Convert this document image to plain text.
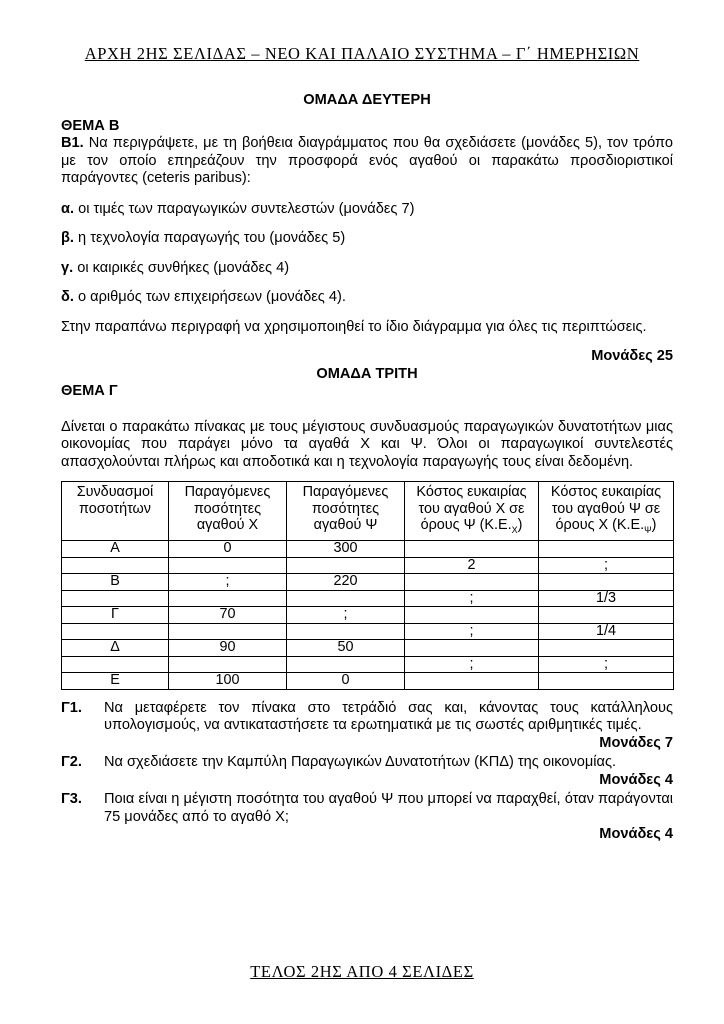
ΑΡΧΗ 2ΗΣ ΣΕΛΙΔΑΣ – ΝΕΟ ΚΑΙ ΠΑΛΑΙΟ ΣΥΣΤΗΜΑ – Γ΄ ΗΜΕΡΗΣΙΩΝ

ΟΜΑΔΑ ΔΕΥΤΕΡΗ

ΘΕΜΑ Β

Β1. Να περιγράψετε, με τη βοήθεια διαγράμματος που θα σχεδιάσετε (μονάδες 5), τον τρόπο με τον οποίο επηρεάζουν την προσφορά ενός αγαθού οι παρακάτω προσδιοριστικοί παράγοντες (ceteris paribus):

α. οι τιμές των παραγωγικών συντελεστών (μονάδες 7)

β. η τεχνολογία παραγωγής του (μονάδες 5)

γ. οι καιρικές συνθήκες (μονάδες 4)

δ. ο αριθμός των επιχειρήσεων (μονάδες 4).

Στην παραπάνω περιγραφή να χρησιμοποιηθεί το ίδιο διάγραμμα για όλες τις περιπτώσεις.

Μονάδες 25

ΟΜΑΔΑ ΤΡΙΤΗ

ΘΕΜΑ Γ

Δίνεται ο παρακάτω πίνακας με τους μέγιστους συνδυασμούς παραγωγικών δυνατοτήτων μιας οικονομίας που παράγει μόνο τα αγαθά Χ και Ψ. Όλοι οι παραγωγικοί συντελεστές απασχολούνται πλήρως και αποδοτικά και η τεχνολογία παραγωγής τους είναι δεδομένη.

Συνδυασμοί ποσοτήτων	Παραγόμενες ποσότητες αγαθού Χ	Παραγόμενες ποσότητες αγαθού Ψ	Κόστος ευκαιρίας του αγαθού Χ σε όρους Ψ $(K.E._X)$	Κόστος ευκαιρίας του αγαθού Ψ σε όρους Χ $(K.E._\Psi)$
Α	0	300		
			2	;
Β	;	220		
			;	1/3
Γ	70	;		
			;	1/4
Δ	90	50		
			;	;
Ε	100	0		
Γ1.	Να μεταφέρετε τον πίνακα στο τετράδιό σας και, κάνοντας τους κατάλληλους υπολογισμούς, να αντικαταστήσετε τα ερωτηματικά με τις σωστές αριθμητικές τιμές.

Μονάδες 7

Γ2.	Να σχεδιάσετε την Καμπύλη Παραγωγικών Δυνατοτήτων (ΚΠΔ) της οικονομίας.

Μονάδες 4

Γ3.	Ποια είναι η μέγιστη ποσότητα του αγαθού Ψ που μπορεί να παραχθεί, όταν παράγονται 75 μονάδες από το αγαθό Χ;

Μονάδες 4

ΤΕΛΟΣ 2ΗΣ ΑΠΟ 4 ΣΕΛΙΔΕΣ
